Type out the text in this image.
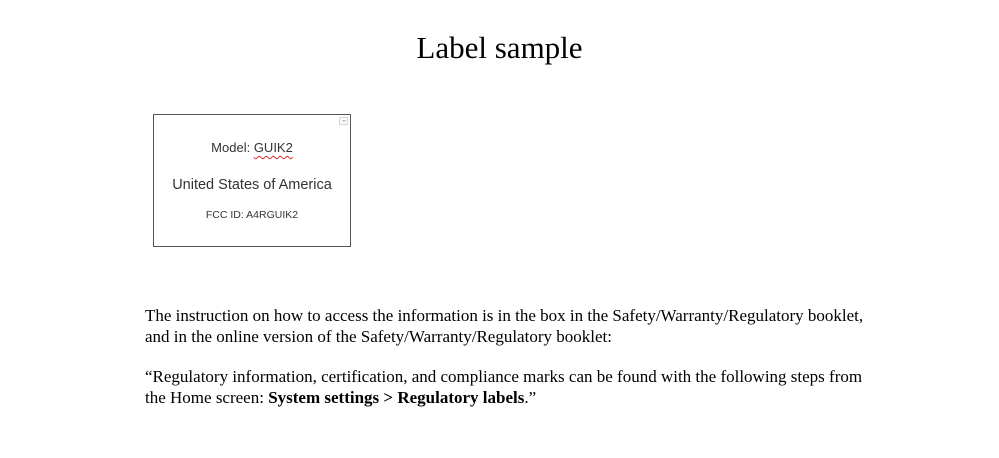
Label sample
Model: GUIK2
United States of America
FCC ID: A4RGUIK2
The instruction on how to access the information is in the box in the Safety/Warranty/Regulatory booklet, and in the online version of the Safety/Warranty/Regulatory booklet:
“Regulatory information, certification, and compliance marks can be found with the following steps from the Home screen: System settings > Regulatory labels.”
